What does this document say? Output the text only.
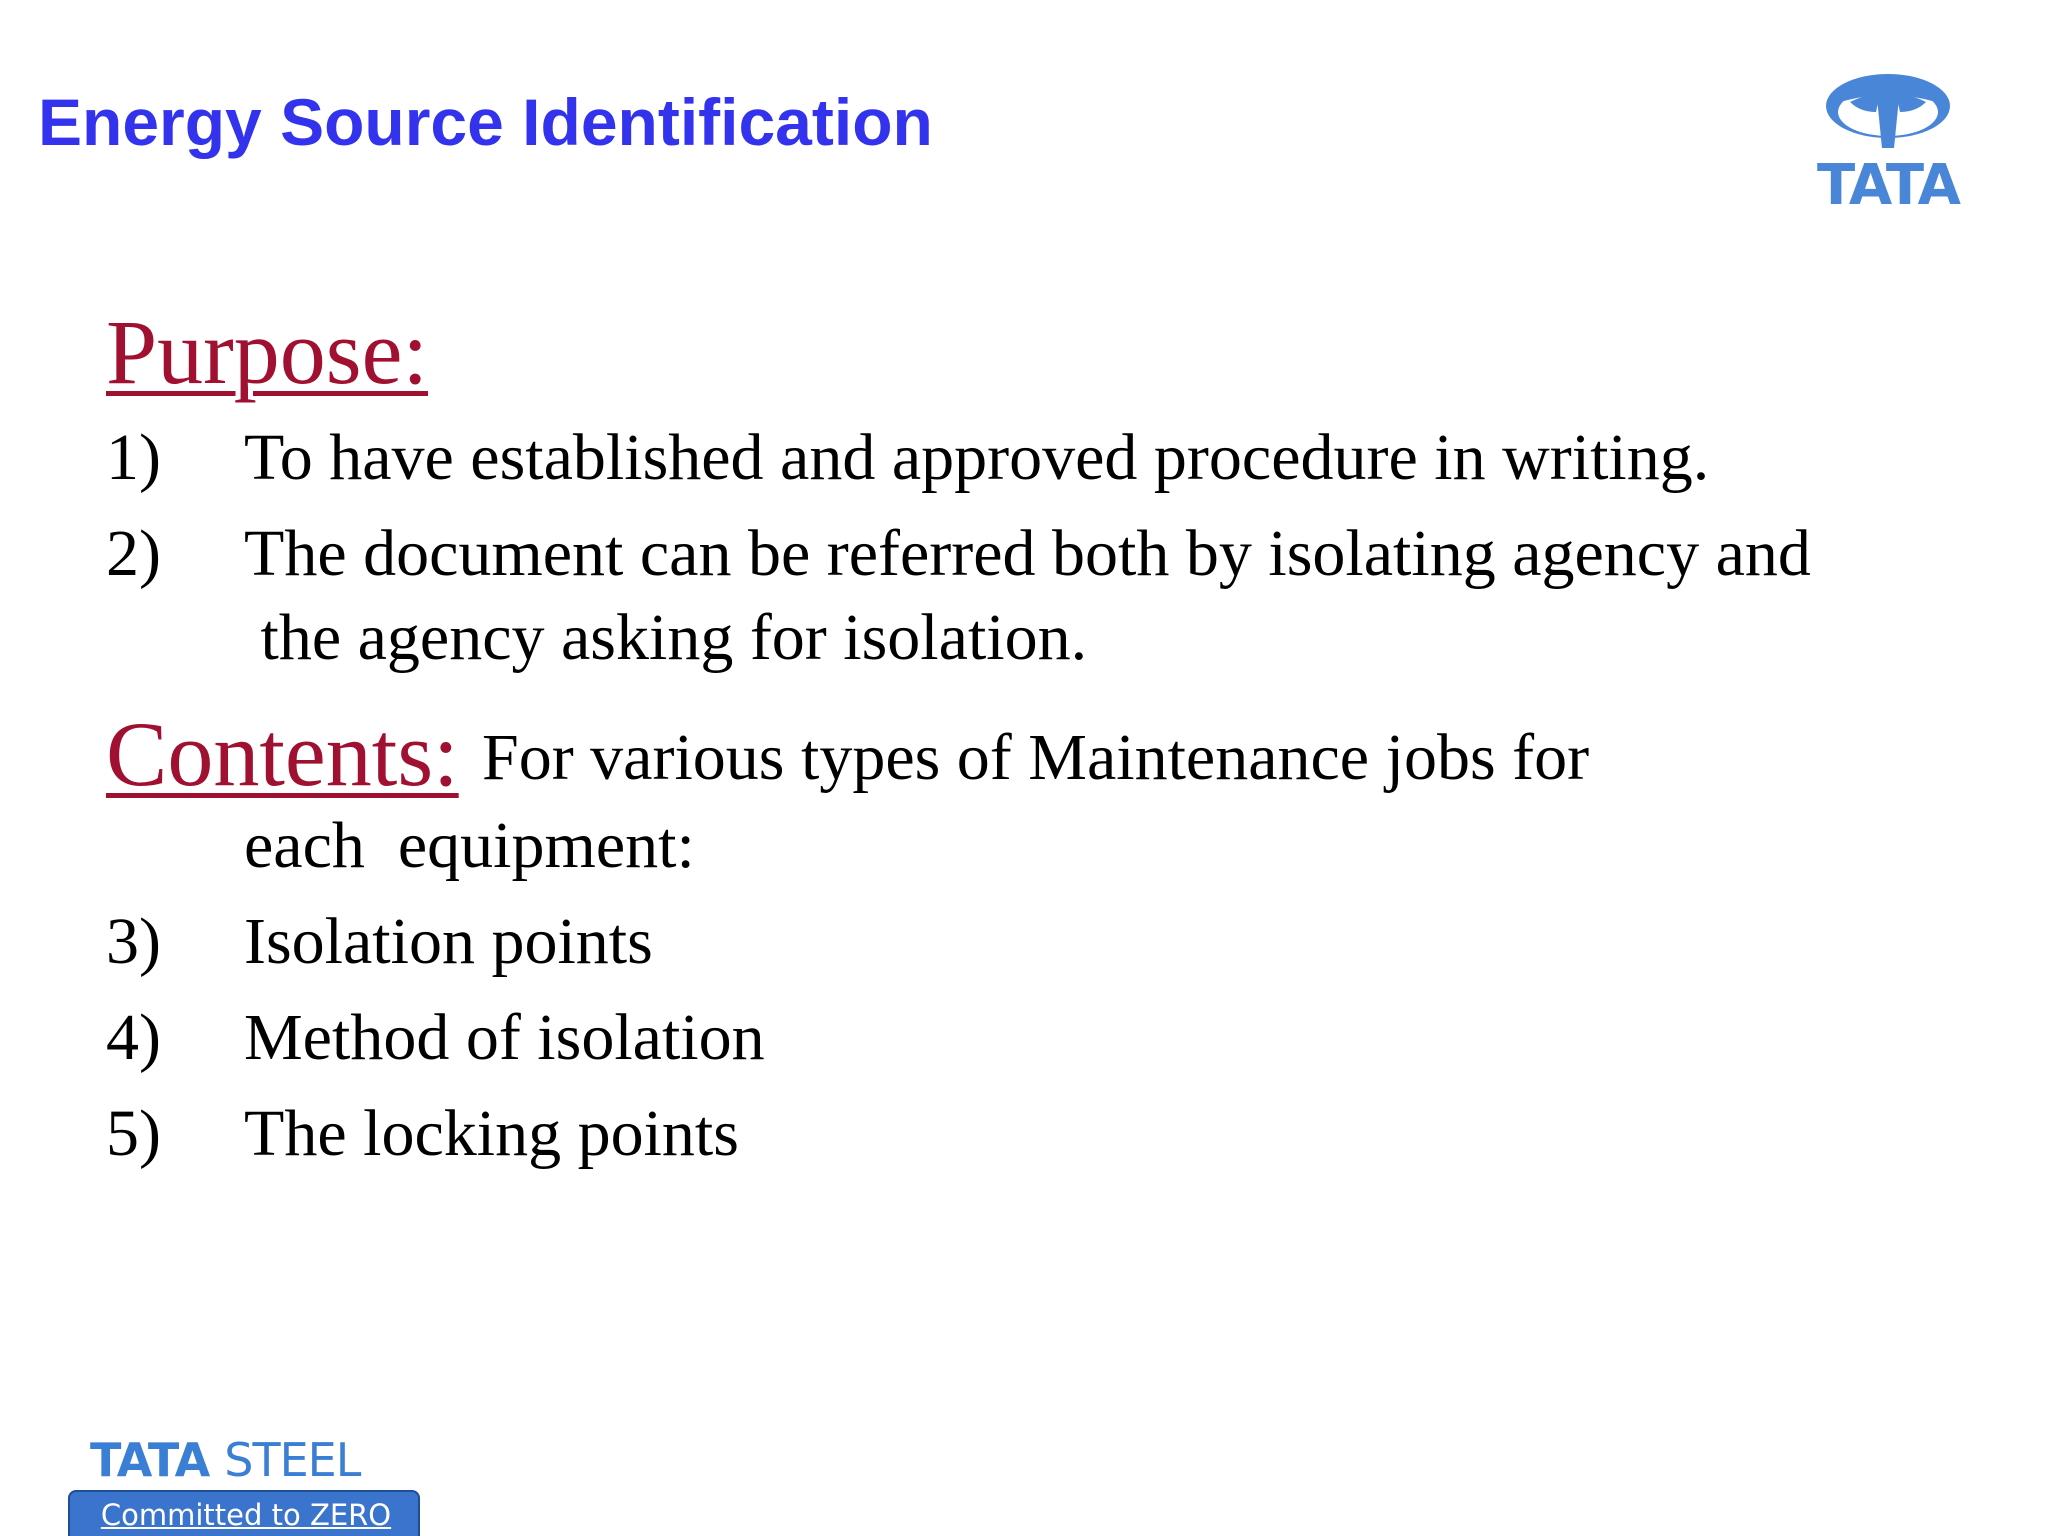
Energy Source Identification
TATA
Purpose:
1) To have established and approved procedure in writing.
2) The document can be referred both by isolating agency and
the agency asking for isolation.
Contents: For various types of Maintenance jobs for
each  equipment:
3) Isolation points
4) Method of isolation
5) The locking points
TATA STEEL
Committed to ZERO
